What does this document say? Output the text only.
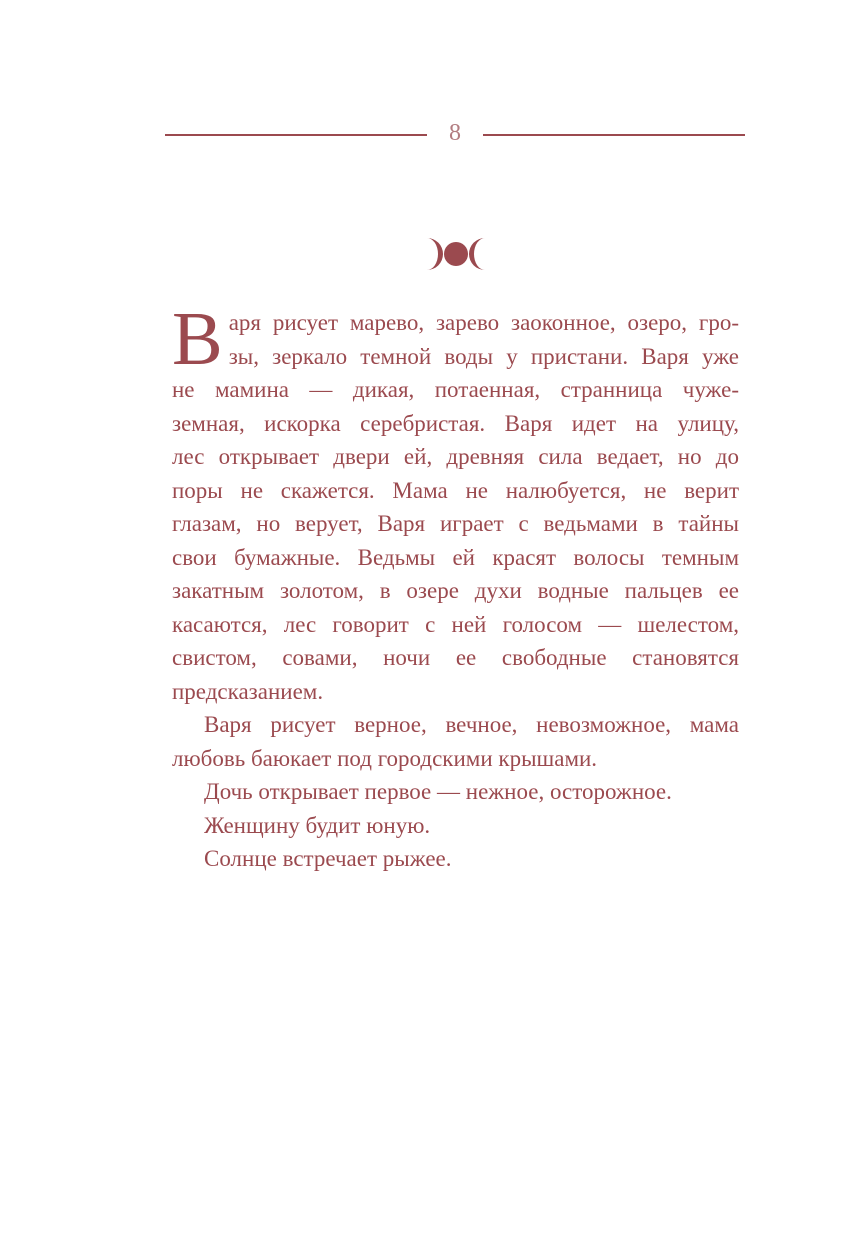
8
В аря рисует марево, зарево заоконное, озеро, гро-

зы, зеркало темной воды у пристани. Варя уже

не мамина — дикая, потаенная, странница чуже-

земная, искорка серебристая. Варя идет на улицу,

лес открывает двери ей, древняя сила ведает, но до

поры не скажется. Мама не налюбуется, не верит

глазам, но верует, Варя играет с ведьмами в тайны

свои бумажные. Ведьмы ей красят волосы темным

закатным золотом, в озере духи водные пальцев ее

касаются, лес говорит с ней голосом — шелестом,

свистом, совами, ночи ее свободные становятся

предсказанием.

Варя рисует верное, вечное, невозможное, мама

любовь баюкает под городскими крышами.

Дочь открывает первое — нежное, осторожное.

Женщину будит юную.

Солнце встречает рыжее.
